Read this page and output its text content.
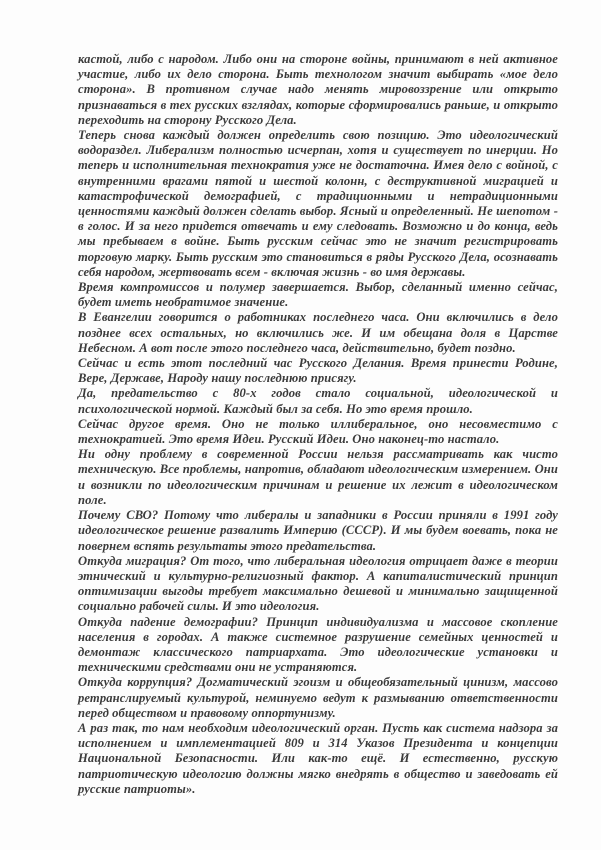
кастой, либо с народом. Либо они на стороне войны, принимают в ней активное участие, либо их дело сторона. Быть технологом значит выбирать «мое дело сторона». В противном случае надо менять мировоззрение или открыто признаваться в тех русских взглядах, которые сформировались раньше, и открыто переходить на сторону Русского Дела.

Теперь снова каждый должен определить свою позицию. Это идеологический водораздел. Либерализм полностью исчерпан, хотя и существует по инерции. Но теперь и исполнительная технократия уже не достаточна. Имея дело с войной, с внутренними врагами пятой и шестой колонн, с деструктивной миграцией и катастрофической демографией, с традиционными и нетрадиционными ценностями каждый должен сделать выбор. Ясный и определенный. Не шепотом - в голос. И за него придется отвечать и ему следовать. Возможно и до конца, ведь мы пребываем в войне. Быть русским сейчас это не значит регистрировать торговую марку. Быть русским это становиться в ряды Русского Дела, осознавать себя народом, жертвовать всем - включая жизнь - во имя державы.

Время компромиссов и полумер завершается. Выбор, сделанный именно сейчас, будет иметь необратимое значение.

В Евангелии говорится о работниках последнего часа. Они включились в дело позднее всех остальных, но включились же. И им обещана доля в Царстве Небесном. А вот после этого последнего часа, действительно, будет поздно.

Сейчас и есть этот последний час Русского Делания. Время принести Родине, Вере, Державе, Народу нашу последнюю присягу.

Да, предательство с 80-х годов стало социальной, идеологической и психологической нормой. Каждый был за себя. Но это время прошло.

Сейчас другое время. Оно не только иллиберальное, оно несовместимо с технократией. Это время Идеи. Русский Идеи. Оно наконец-то настало.

Ни одну проблему в современной России нельзя рассматривать как чисто техническую. Все проблемы, напротив, обладают идеологическим измерением. Они и возникли по идеологическим причинам и решение их лежит в идеологическом поле.

Почему СВО? Потому что либералы и западники в России приняли в 1991 году идеологическое решение развалить Империю (СССР). И мы будем воевать, пока не повернем вспять результаты этого предательства.

Откуда миграция? От того, что либеральная идеология отрицает даже в теории этнический и культурно-религиозный фактор. А капиталистический принцип оптимизации выгоды требует максимально дешевой и минимально защищенной социально рабочей силы. И это идеология.

Откуда падение демографии? Принцип индивидуализма и массовое скопление населения в городах. А также системное разрушение семейных ценностей и демонтаж классического патриархата. Это идеологические установки и техническими средствами они не устраняются.

Откуда коррупция? Догматический эгоизм и общеобязательный цинизм, массово ретранслируемый культурой, неминуемо ведут к размыванию ответственности перед обществом и правовому оппортунизму.

А раз так, то нам необходим идеологический орган. Пусть как система надзора за исполнением и имплементацией 809 и 314 Указов Президента и концепции Национальной Безопасности. Или как-то ещё. И естественно, русскую патриотическую идеологию должны мягко внедрять в общество и заведовать ей русские патриоты».
